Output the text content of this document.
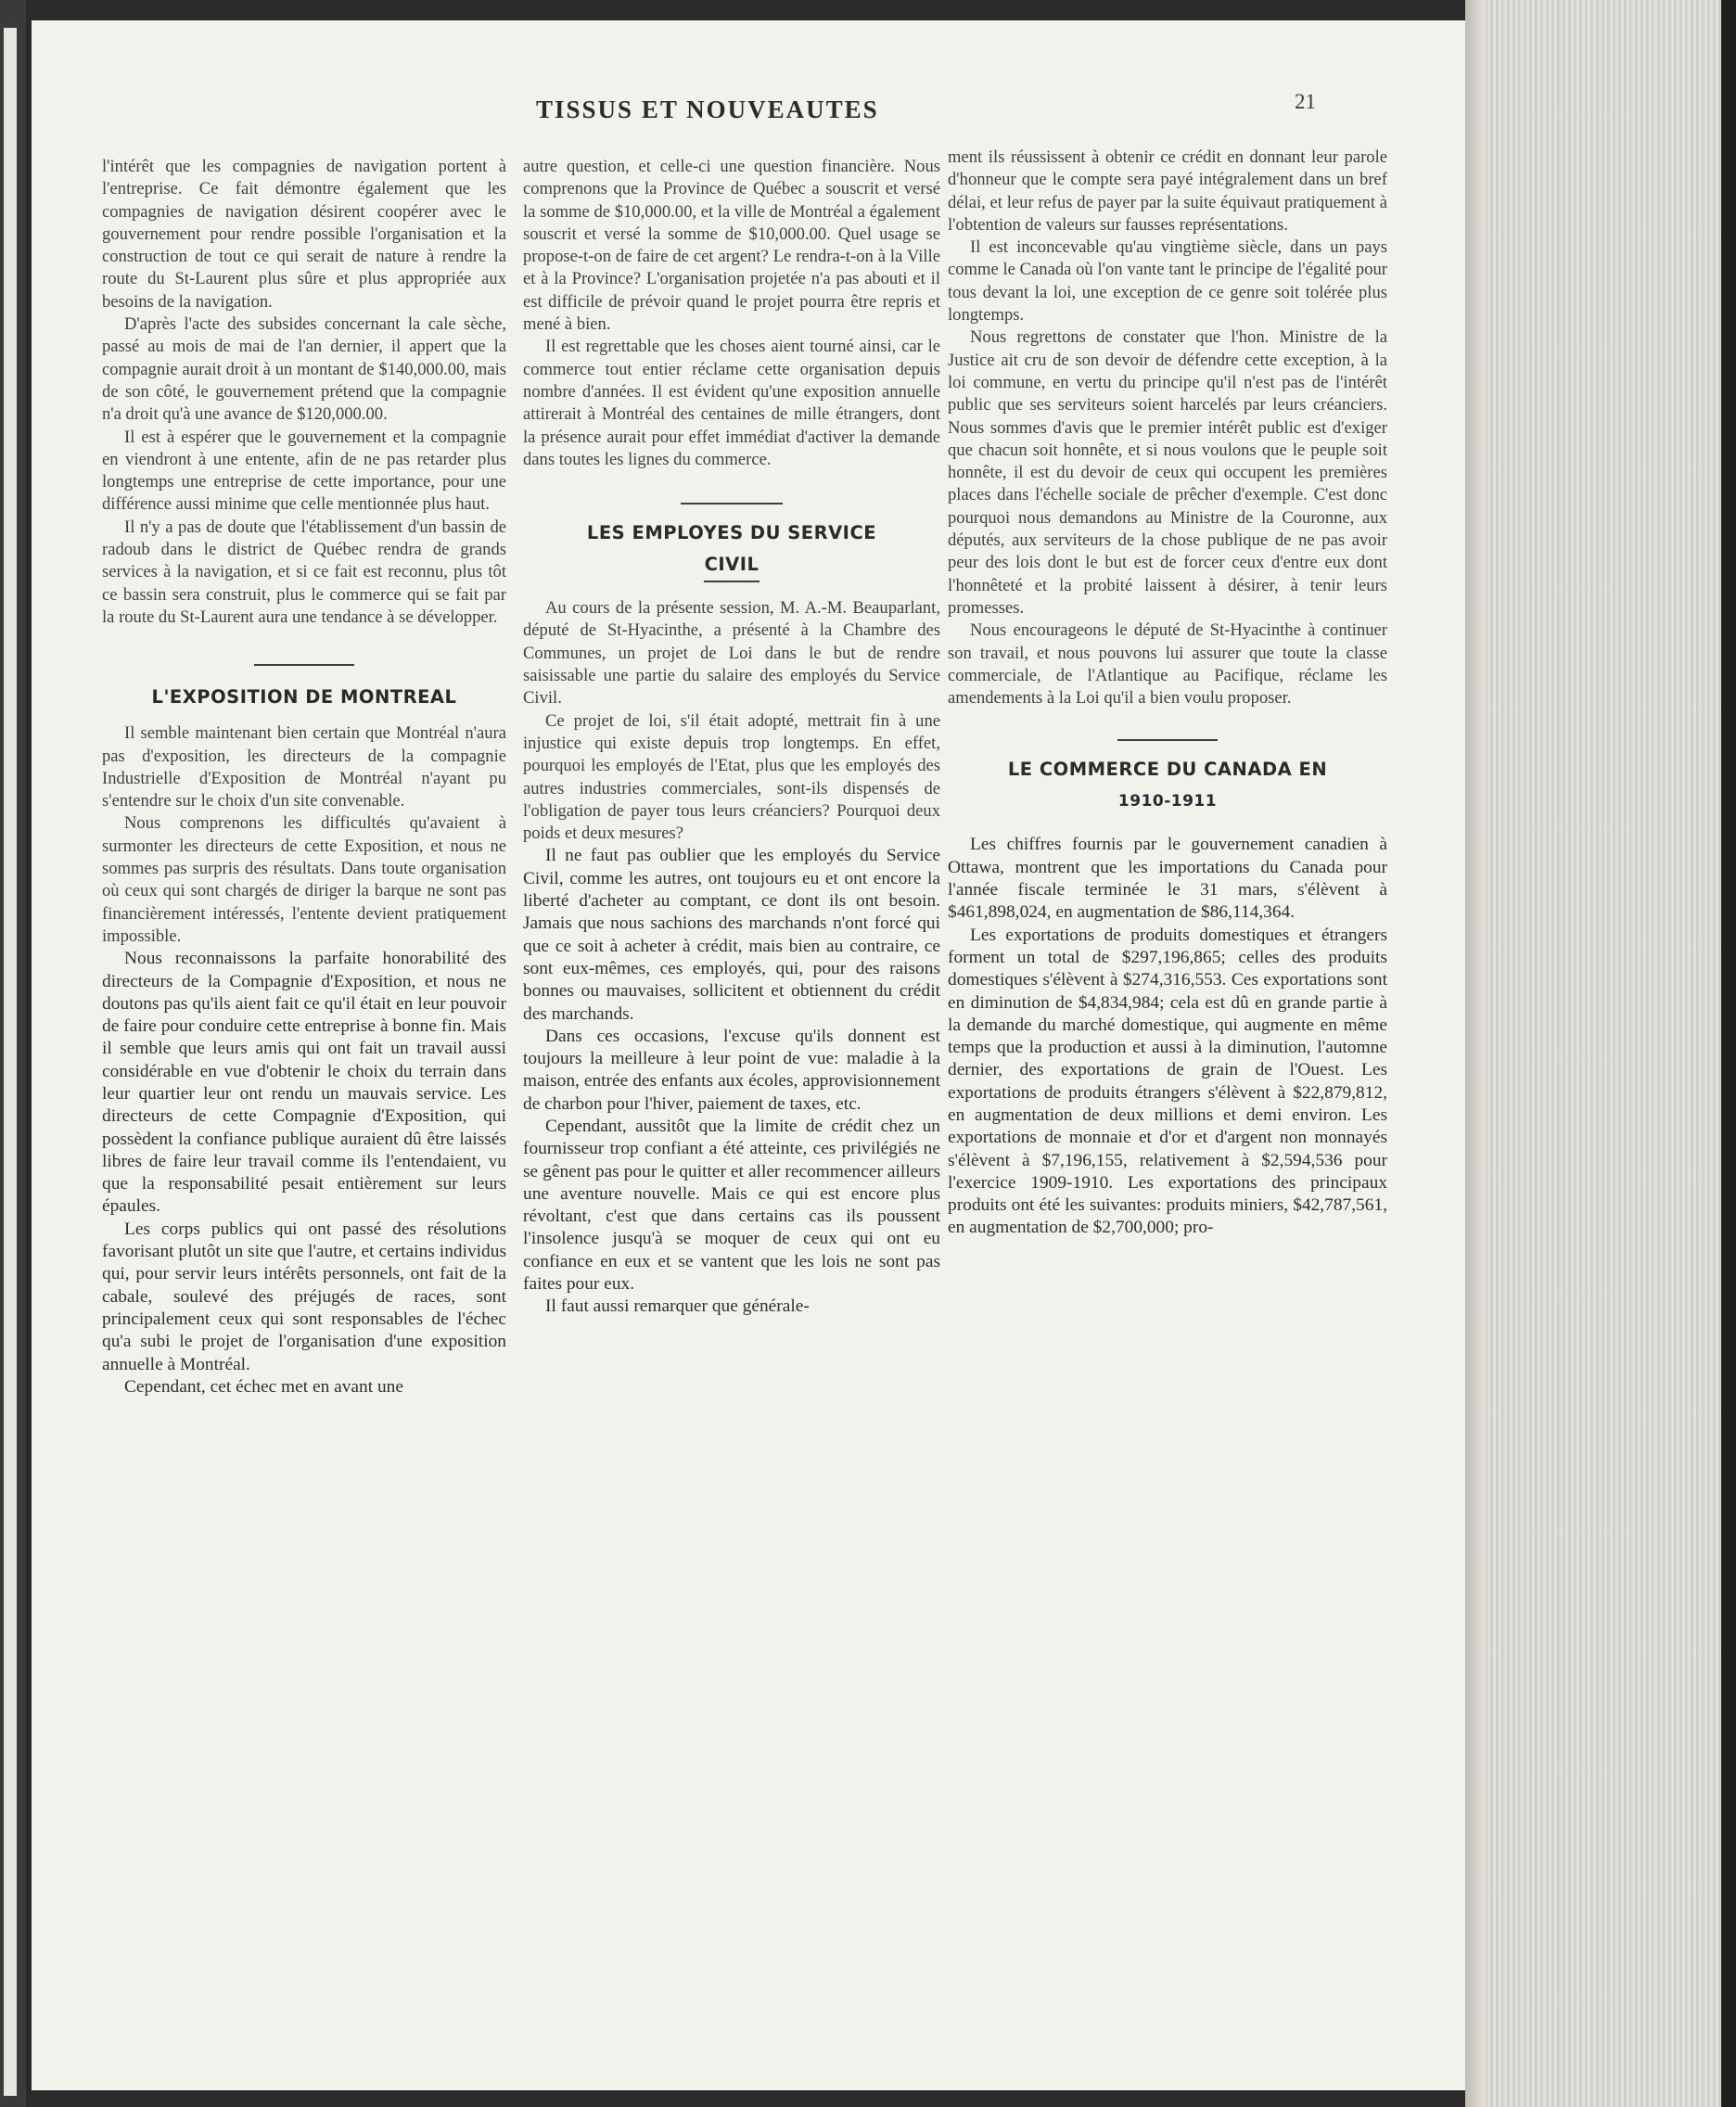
TISSUS ET NOUVEAUTES	21

l'intérêt que les compagnies de navigation portent à l'entreprise. Ce fait démontre également que les compagnies de navigation désirent coopérer avec le gouvernement pour rendre possible l'organisation et la construction de tout ce qui serait de nature à rendre la route du St-Laurent plus sûre et plus appropriée aux besoins de la navigation.

D'après l'acte des subsides concernant la cale sèche, passé au mois de mai de l'an dernier, il appert que la compagnie aurait droit à un montant de $140,000.00, mais de son côté, le gouvernement prétend que la compagnie n'a droit qu'à une avance de $120,000.00.

Il est à espérer que le gouvernement et la compagnie en viendront à une entente, afin de ne pas retarder plus longtemps une entreprise de cette importance, pour une différence aussi minime que celle mentionnée plus haut.

Il n'y a pas de doute que l'établissement d'un bassin de radoub dans le district de Québec rendra de grands services à la navigation, et si ce fait est reconnu, plus tôt ce bassin sera construit, plus le commerce qui se fait par la route du St-Laurent aura une tendance à se développer.

L'EXPOSITION DE MONTREAL

Il semble maintenant bien certain que Montréal n'aura pas d'exposition, les directeurs de la compagnie Industrielle d'Exposition de Montréal n'ayant pu s'entendre sur le choix d'un site convenable.

Nous comprenons les difficultés qu'avaient à surmonter les directeurs de cette Exposition, et nous ne sommes pas surpris des résultats. Dans toute organisation où ceux qui sont chargés de diriger la barque ne sont pas financièrement intéressés, l'entente devient pratiquement impossible.

Nous reconnaissons la parfaite honorabilité des directeurs de la Compagnie d'Exposition, et nous ne doutons pas qu'ils aient fait ce qu'il était en leur pouvoir de faire pour conduire cette entreprise à bonne fin. Mais il semble que leurs amis qui ont fait un travail aussi considérable en vue d'obtenir le choix du terrain dans leur quartier leur ont rendu un mauvais service. Les directeurs de cette Compagnie d'Exposition, qui possèdent la confiance publique auraient dû être laissés libres de faire leur travail comme ils l'entendaient, vu que la responsabilité pesait entièrement sur leurs épaules.

Les corps publics qui ont passé des résolutions favorisant plutôt un site que l'autre, et certains individus qui, pour servir leurs intérêts personnels, ont fait de la cabale, soulevé des préjugés de races, sont principalement ceux qui sont responsables de l'échec qu'a subi le projet de l'organisation d'une exposition annuelle à Montréal.

Cependant, cet échec met en avant une

autre question, et celle-ci une question financière. Nous comprenons que la Province de Québec a souscrit et versé la somme de $10,000.00, et la ville de Montréal a également souscrit et versé la somme de $10,000.00. Quel usage se propose-t-on de faire de cet argent? Le rendra-t-on à la Ville et à la Province? L'organisation projetée n'a pas abouti et il est difficile de prévoir quand le projet pourra être repris et mené à bien.

Il est regrettable que les choses aient tourné ainsi, car le commerce tout entier réclame cette organisation depuis nombre d'années. Il est évident qu'une exposition annuelle attirerait à Montréal des centaines de mille étrangers, dont la présence aurait pour effet immédiat d'activer la demande dans toutes les lignes du commerce.

LES EMPLOYES DU SERVICE
CIVIL

Au cours de la présente session, M. A.-M. Beauparlant, député de St-Hyacinthe, a présenté à la Chambre des Communes, un projet de Loi dans le but de rendre saisissable une partie du salaire des employés du Service Civil.

Ce projet de loi, s'il était adopté, mettrait fin à une injustice qui existe depuis trop longtemps. En effet, pourquoi les employés de l'Etat, plus que les employés des autres industries commerciales, sont-ils dispensés de l'obligation de payer tous leurs créanciers? Pourquoi deux poids et deux mesures?

Il ne faut pas oublier que les employés du Service Civil, comme les autres, ont toujours eu et ont encore la liberté d'acheter au comptant, ce dont ils ont besoin. Jamais que nous sachions des marchands n'ont forcé qui que ce soit à acheter à crédit, mais bien au contraire, ce sont eux-mêmes, ces employés, qui, pour des raisons bonnes ou mauvaises, sollicitent et obtiennent du crédit des marchands.

Dans ces occasions, l'excuse qu'ils donnent est toujours la meilleure à leur point de vue: maladie à la maison, entrée des enfants aux écoles, approvisionnement de charbon pour l'hiver, paiement de taxes, etc.

Cependant, aussitôt que la limite de crédit chez un fournisseur trop confiant a été atteinte, ces privilégiés ne se gênent pas pour le quitter et aller recommencer ailleurs une aventure nouvelle. Mais ce qui est encore plus révoltant, c'est que dans certains cas ils poussent l'insolence jusqu'à se moquer de ceux qui ont eu confiance en eux et se vantent que les lois ne sont pas faites pour eux.

Il faut aussi remarquer que générale-

ment ils réussissent à obtenir ce crédit en donnant leur parole d'honneur que le compte sera payé intégralement dans un bref délai, et leur refus de payer par la suite équivaut pratiquement à l'obtention de valeurs sur fausses représentations.

Il est inconcevable qu'au vingtième siècle, dans un pays comme le Canada où l'on vante tant le principe de l'égalité pour tous devant la loi, une exception de ce genre soit tolérée plus longtemps.

Nous regrettons de constater que l'hon. Ministre de la Justice ait cru de son devoir de défendre cette exception, à la loi commune, en vertu du principe qu'il n'est pas de l'intérêt public que ses serviteurs soient harcelés par leurs créanciers. Nous sommes d'avis que le premier intérêt public est d'exiger que chacun soit honnête, et si nous voulons que le peuple soit honnête, il est du devoir de ceux qui occupent les premières places dans l'échelle sociale de prêcher d'exemple. C'est donc pourquoi nous demandons au Ministre de la Couronne, aux députés, aux serviteurs de la chose publique de ne pas avoir peur des lois dont le but est de forcer ceux d'entre eux dont l'honnêteté et la probité laissent à désirer, à tenir leurs promesses.

Nous encourageons le député de St-Hyacinthe à continuer son travail, et nous pouvons lui assurer que toute la classe commerciale, de l'Atlantique au Pacifique, réclame les amendements à la Loi qu'il a bien voulu proposer.

LE COMMERCE DU CANADA EN
1910-1911

Les chiffres fournis par le gouvernement canadien à Ottawa, montrent que les importations du Canada pour l'année fiscale terminée le 31 mars, s'élèvent à $461,898,024, en augmentation de $86,114,364.

Les exportations de produits domestiques et étrangers forment un total de $297,196,865; celles des produits domestiques s'élèvent à $274,316,553. Ces exportations sont en diminution de $4,834,984; cela est dû en grande partie à la demande du marché domestique, qui augmente en même temps que la production et aussi à la diminution, l'automne dernier, des exportations de grain de l'Ouest. Les exportations de produits étrangers s'élèvent à $22,879,812, en augmentation de deux millions et demi environ. Les exportations de monnaie et d'or et d'argent non monnayés s'élèvent à $7,196,155, relativement à $2,594,536 pour l'exercice 1909-1910. Les exportations des principaux produits ont été les suivantes: produits miniers, $42,787,561, en augmentation de $2,700,000; pro-
